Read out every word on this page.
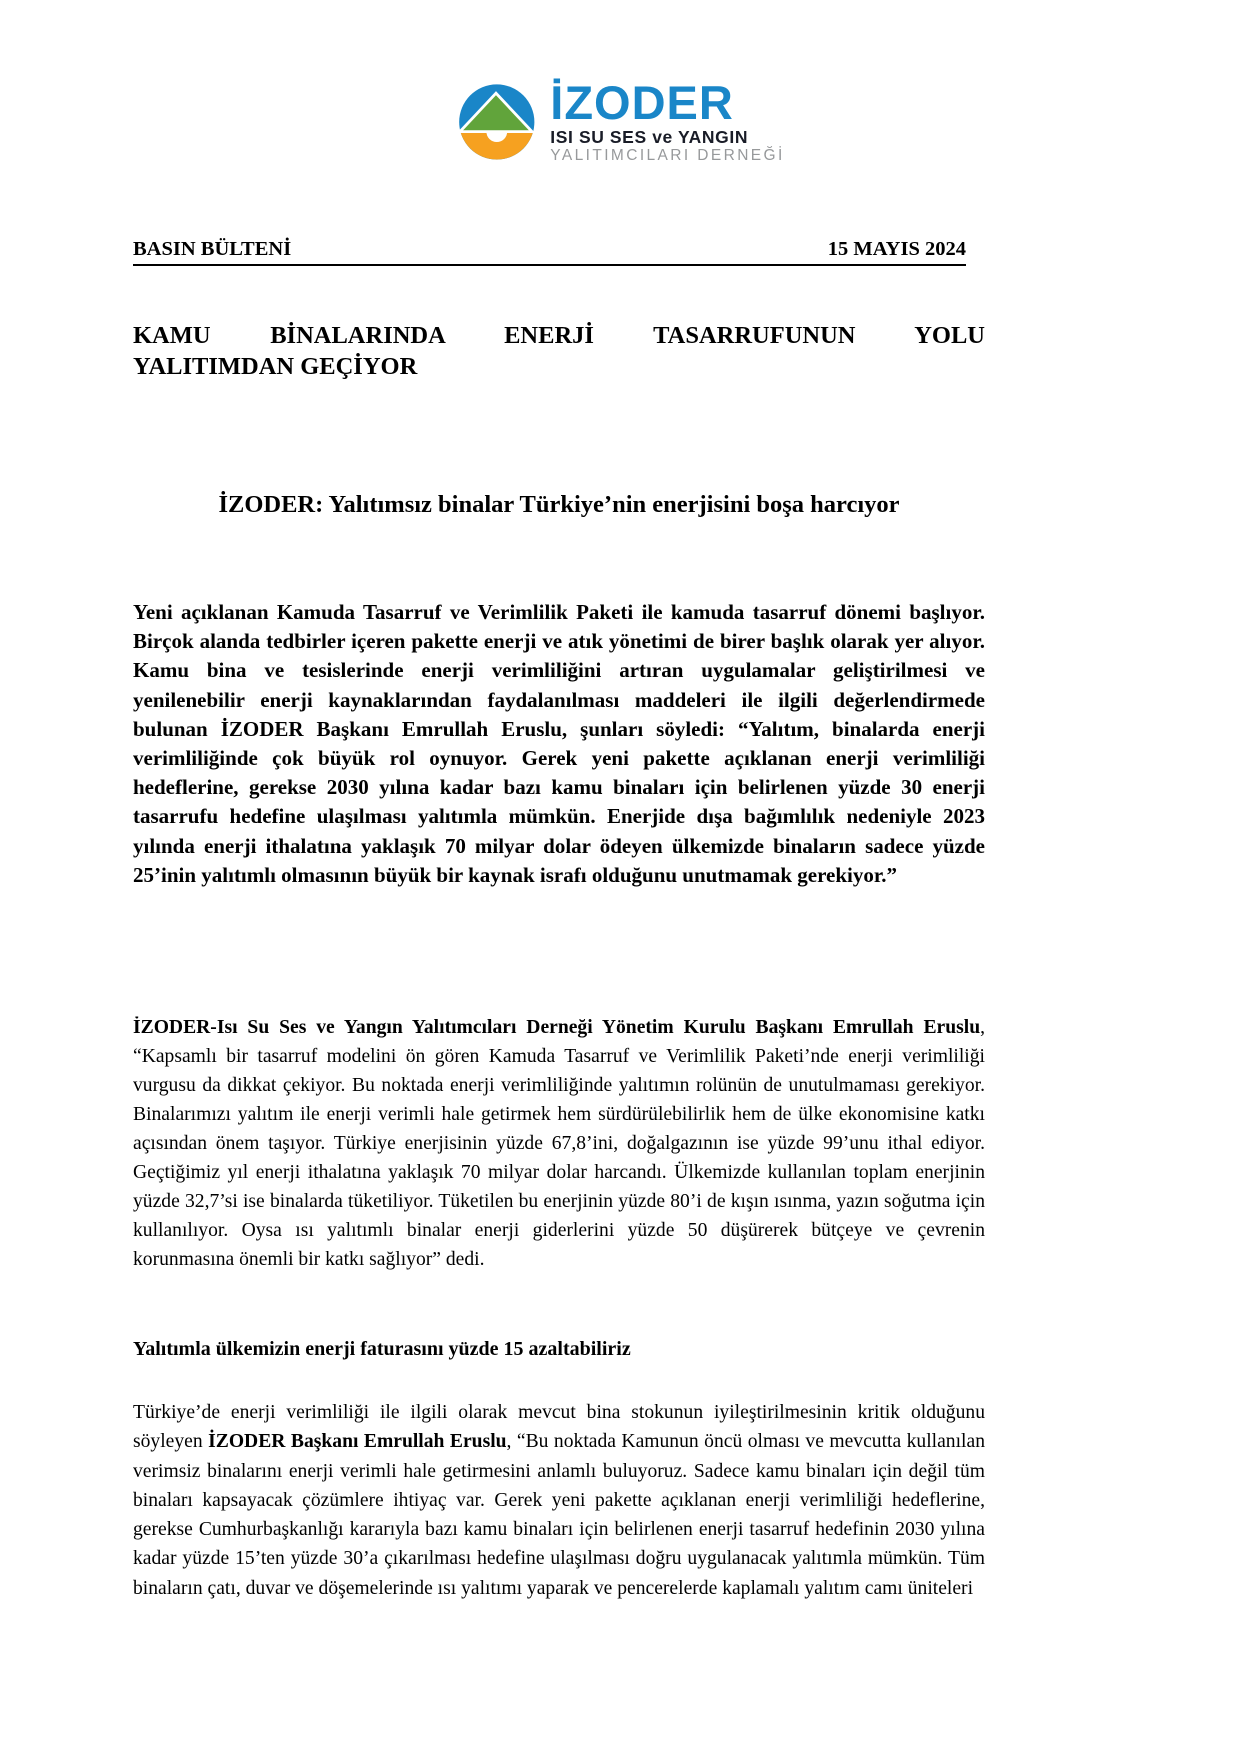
İZODER
ISI SU SES ve YANGIN
YALITIMCILARI DERNEĞİ
BASIN BÜLTENİ	15 MAYIS 2024
KAMU BİNALARINDA ENERJİ TASARRUFUNUN YOLU
YALITIMDAN GEÇİYOR
İZODER: Yalıtımsız binalar Türkiye’nin enerjisini boşa harcıyor
Yeni açıklanan Kamuda Tasarruf ve Verimlilik Paketi ile kamuda tasarruf dönemi başlıyor. Birçok alanda tedbirler içeren pakette enerji ve atık yönetimi de birer başlık olarak yer alıyor. Kamu bina ve tesislerinde enerji verimliliğini artıran uygulamalar geliştirilmesi ve yenilenebilir enerji kaynaklarından faydalanılması maddeleri ile ilgili değerlendirmede bulunan İZODER Başkanı Emrullah Eruslu, şunları söyledi: “Yalıtım, binalarda enerji verimliliğinde çok büyük rol oynuyor. Gerek yeni pakette açıklanan enerji verimliliği hedeflerine, gerekse 2030 yılına kadar bazı kamu binaları için belirlenen yüzde 30 enerji tasarrufu hedefine ulaşılması yalıtımla mümkün. Enerjide dışa bağımlılık nedeniyle 2023 yılında enerji ithalatına yaklaşık 70 milyar dolar ödeyen ülkemizde binaların sadece yüzde 25’inin yalıtımlı olmasının büyük bir kaynak israfı olduğunu unutmamak gerekiyor.”
İZODER-Isı Su Ses ve Yangın Yalıtımcıları Derneği Yönetim Kurulu Başkanı Emrullah Eruslu, “Kapsamlı bir tasarruf modelini ön gören Kamuda Tasarruf ve Verimlilik Paketi’nde enerji verimliliği vurgusu da dikkat çekiyor. Bu noktada enerji verimliliğinde yalıtımın rolünün de unutulmaması gerekiyor. Binalarımızı yalıtım ile enerji verimli hale getirmek hem sürdürülebilirlik hem de ülke ekonomisine katkı açısından önem taşıyor. Türkiye enerjisinin yüzde 67,8’ini, doğalgazının ise yüzde 99’unu ithal ediyor. Geçtiğimiz yıl enerji ithalatına yaklaşık 70 milyar dolar harcandı. Ülkemizde kullanılan toplam enerjinin yüzde 32,7’si ise binalarda tüketiliyor. Tüketilen bu enerjinin yüzde 80’i de kışın ısınma, yazın soğutma için kullanılıyor. Oysa ısı yalıtımlı binalar enerji giderlerini yüzde 50 düşürerek bütçeye ve çevrenin korunmasına önemli bir katkı sağlıyor” dedi.
Yalıtımla ülkemizin enerji faturasını yüzde 15 azaltabiliriz
Türkiye’de enerji verimliliği ile ilgili olarak mevcut bina stokunun iyileştirilmesinin kritik olduğunu söyleyen İZODER Başkanı Emrullah Eruslu, “Bu noktada Kamunun öncü olması ve mevcutta kullanılan verimsiz binalarını enerji verimli hale getirmesini anlamlı buluyoruz. Sadece kamu binaları için değil tüm binaları kapsayacak çözümlere ihtiyaç var. Gerek yeni pakette açıklanan enerji verimliliği hedeflerine, gerekse Cumhurbaşkanlığı kararıyla bazı kamu binaları için belirlenen enerji tasarruf hedefinin 2030 yılına kadar yüzde 15’ten yüzde 30’a çıkarılması hedefine ulaşılması doğru uygulanacak yalıtımla mümkün. Tüm binaların çatı, duvar ve döşemelerinde ısı yalıtımı yaparak ve pencerelerde kaplamalı yalıtım camı üniteleri
